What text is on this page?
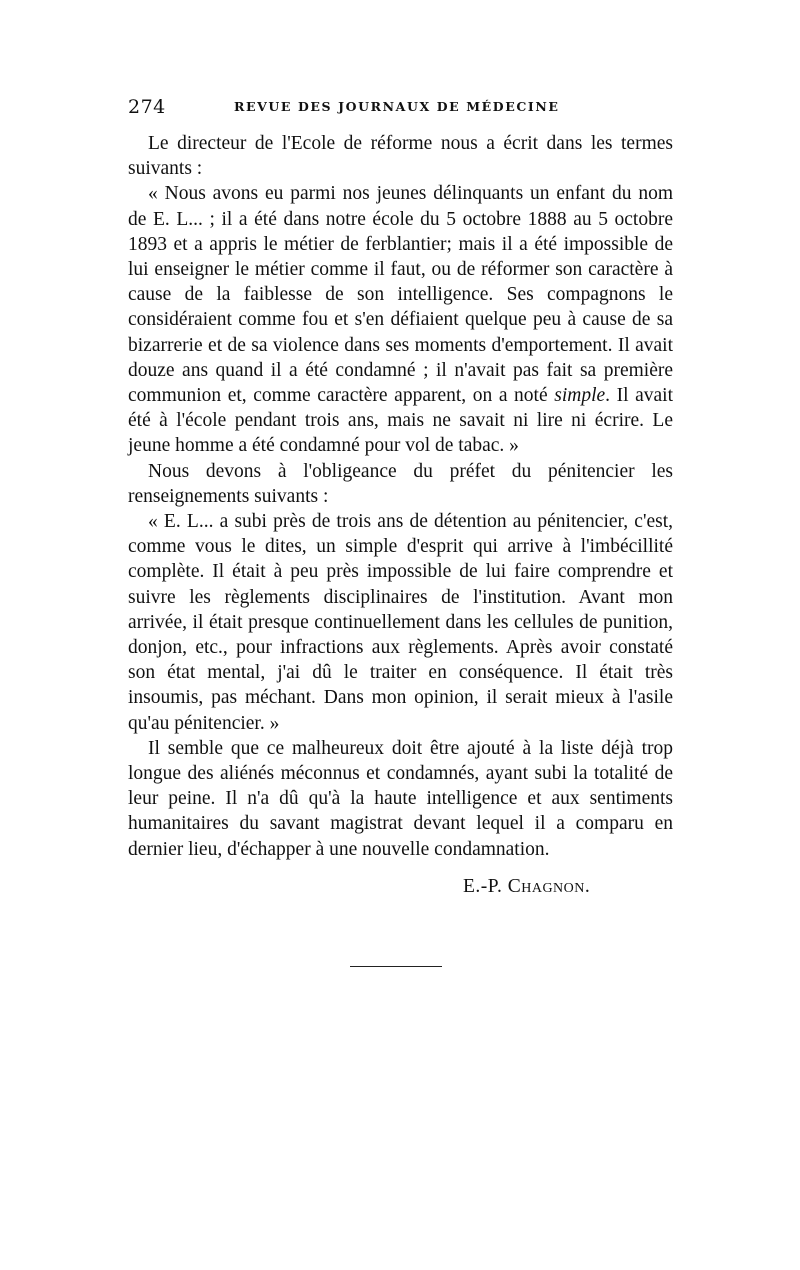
274	REVUE DES JOURNAUX DE MÉDECINE

Le directeur de l'Ecole de réforme nous a écrit dans les termes suivants :

« Nous avons eu parmi nos jeunes délinquants un enfant du nom de E. L... ; il a été dans notre école du 5 octobre 1888 au 5 octobre 1893 et a appris le métier de ferblantier; mais il a été impossible de lui enseigner le métier comme il faut, ou de réformer son caractère à cause de la faiblesse de son intelligence. Ses compagnons le considéraient comme fou et s'en défiaient quelque peu à cause de sa bizarrerie et de sa violence dans ses moments d'emportement. Il avait douze ans quand il a été condamné ; il n'avait pas fait sa première communion et, comme caractère apparent, on a noté simple. Il avait été à l'école pendant trois ans, mais ne savait ni lire ni écrire. Le jeune homme a été condamné pour vol de tabac. »

Nous devons à l'obligeance du préfet du pénitencier les renseignements suivants :

« E. L... a subi près de trois ans de détention au pénitencier, c'est, comme vous le dites, un simple d'esprit qui arrive à l'imbécillité complète. Il était à peu près impossible de lui faire comprendre et suivre les règlements disciplinaires de l'institution. Avant mon arrivée, il était presque continuellement dans les cellules de punition, donjon, etc., pour infractions aux règlements. Après avoir constaté son état mental, j'ai dû le traiter en conséquence. Il était très insoumis, pas méchant. Dans mon opinion, il serait mieux à l'asile qu'au pénitencier. »

Il semble que ce malheureux doit être ajouté à la liste déjà trop longue des aliénés méconnus et condamnés, ayant subi la totalité de leur peine. Il n'a dû qu'à la haute intelligence et aux sentiments humanitaires du savant magistrat devant lequel il a comparu en dernier lieu, d'échapper à une nouvelle condamnation.

E.-P. Chagnon.
